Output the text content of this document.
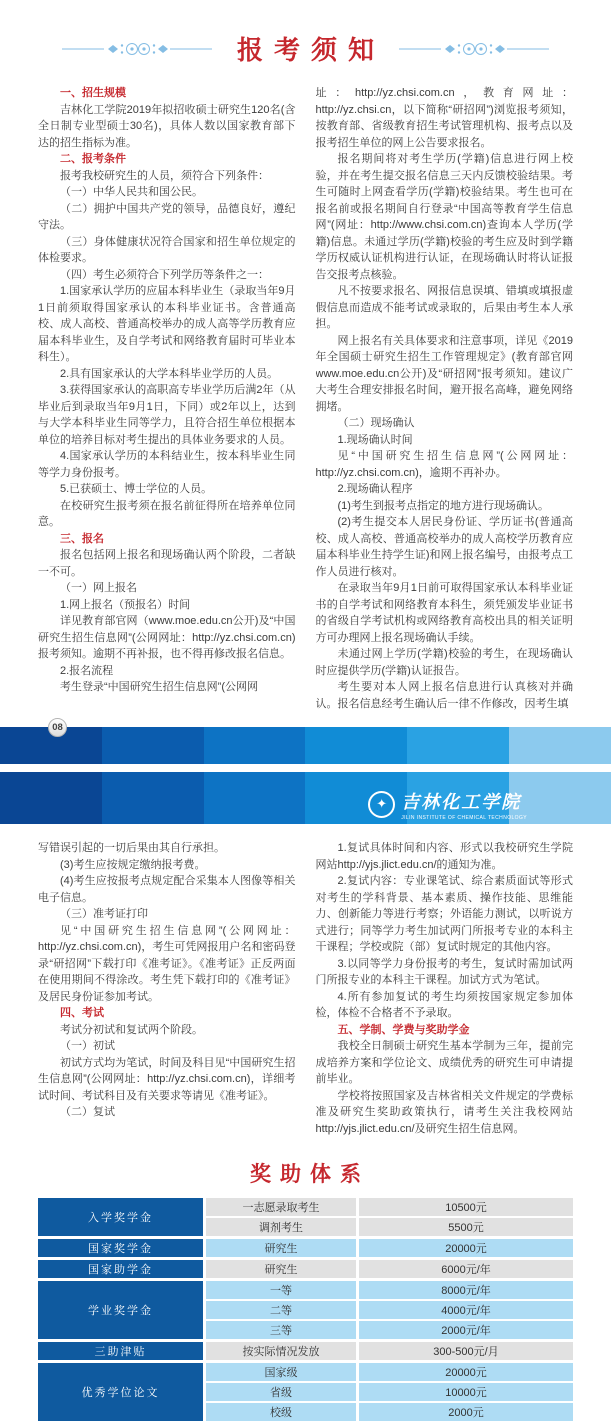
报考须知

一、招生规模

吉林化工学院2019年拟招收硕士研究生120名(含全日制专业型硕士30名)，具体人数以国家教育部下达的招生指标为准。

二、报考条件

报考我校研究生的人员，须符合下列条件：

（一）中华人民共和国公民。

（二）拥护中国共产党的领导，品德良好，遵纪守法。

（三）身体健康状况符合国家和招生单位规定的体检要求。

（四）考生必须符合下列学历等条件之一：

1.国家承认学历的应届本科毕业生（录取当年9月1日前须取得国家承认的本科毕业证书。含普通高校、成人高校、普通高校举办的成人高等学历教育应届本科毕业生，及自学考试和网络教育届时可毕业本科生）。

2.具有国家承认的大学本科毕业学历的人员。

3.获得国家承认的高职高专毕业学历后满2年（从毕业后到录取当年9月1日，下同）或2年以上，达到与大学本科毕业生同等学力，且符合招生单位根据本单位的培养目标对考生提出的具体业务要求的人员。

4.国家承认学历的本科结业生，按本科毕业生同等学力身份报考。

5.已获硕士、博士学位的人员。

在校研究生报考须在报名前征得所在培养单位同意。

三、报名

报名包括网上报名和现场确认两个阶段，二者缺一不可。

（一）网上报名

1.网上报名（预报名）时间

详见教育部官网（www.moe.edu.cn公开)及“中国研究生招生信息网”(公网网址：http://yz.chsi.com.cn)报考须知。逾期不再补报，也不得再修改报名信息。

2.报名流程

考生登录“中国研究生招生信息网”(公网网

址：http://yz.chsi.com.cn，教育网址：http://yz.chsi.cn，以下简称“研招网”)浏览报考须知，按教育部、省级教育招生考试管理机构、报考点以及报考招生单位的网上公告要求报名。

报名期间将对考生学历(学籍)信息进行网上校验，并在考生提交报名信息三天内反馈校验结果。考生可随时上网查看学历(学籍)校验结果。考生也可在报名前或报名期间自行登录“中国高等教育学生信息网”(网址：http://www.chsi.com.cn)查询本人学历(学籍)信息。未通过学历(学籍)校验的考生应及时到学籍学历权威认证机构进行认证，在现场确认时将认证报告交报考点核验。

凡不按要求报名、网报信息误填、错填或填报虚假信息而造成不能考试或录取的，后果由考生本人承担。

网上报名有关具体要求和注意事项，详见《2019年全国硕士研究生招生工作管理规定》(教育部官网 www.moe.edu.cn公开)及“研招网”报考须知。建议广大考生合理安排报名时间，避开报名高峰，避免网络拥堵。

（二）现场确认

1.现场确认时间

见“中国研究生招生信息网”(公网网址：http://yz.chsi.com.cn)，逾期不再补办。

2.现场确认程序

(1)考生到报考点指定的地方进行现场确认。

(2)考生提交本人居民身份证、学历证书(普通高校、成人高校、普通高校举办的成人高校学历教育应届本科毕业生持学生证)和网上报名编号，由报考点工作人员进行核对。

在录取当年9月1日前可取得国家承认本科毕业证书的自学考试和网络教育本科生，须凭颁发毕业证书的省级自学考试机构或网络教育高校出具的相关证明方可办理网上报名现场确认手续。

未通过网上学历(学籍)校验的考生，在现场确认时应提供学历(学籍)认证报告。

考生要对本人网上报名信息进行认真核对并确认。报名信息经考生确认后一律不作修改，因考生填

08
✦ 吉林化工学院
JILIN INSTITUTE OF CHEMICAL TECHNOLOGY

写错误引起的一切后果由其自行承担。

(3)考生应按规定缴纳报考费。

(4)考生应按报考点规定配合采集本人图像等相关电子信息。

（三）准考证打印

见“中国研究生招生信息网”(公网网址：http://yz.chsi.com.cn)，考生可凭网报用户名和密码登录“研招网”下载打印《准考证》。《准考证》正反两面在使用期间不得涂改。考生凭下载打印的《准考证》及居民身份证参加考试。

四、考试

考试分初试和复试两个阶段。

（一）初试

初试方式均为笔试，时间及科目见“中国研究生招生信息网”(公网网址：http://yz.chsi.com.cn)，详细考试时间、考试科目及有关要求等请见《准考证》。

（二）复试

1.复试具体时间和内容、形式以我校研究生学院网站http://yjs.jlict.edu.cn/的通知为准。

2.复试内容：专业课笔试、综合素质面试等形式对考生的学科背景、基本素质、操作技能、思维能力、创新能力等进行考察；外语能力测试，以听说方式进行；同等学力考生加试两门所报考专业的本科主干课程；学校或院（部）复试时规定的其他内容。

3.以同等学力身份报考的考生，复试时需加试两门所报专业的本科主干课程。加试方式为笔试。

4.所有参加复试的考生均须按国家规定参加体检，体检不合格者不予录取。

五、学制、学费与奖助学金

我校全日制硕士研究生基本学制为三年，提前完成培养方案和学位论文、成绩优秀的研究生可申请提前毕业。

学校将按照国家及吉林省相关文件规定的学费标准及研究生奖助政策执行，请考生关注我校网站http://yjs.jlict.edu.cn/及研究生招生信息网。

奖助体系
入学奖学金
一志愿录取考生	10500元
调剂考生	5500元
国家奖学金	研究生	20000元
国家助学金	研究生	6000元/年
学业奖学金
一等	8000元/年
二等	4000元/年
三等	2000元/年
三助津贴	按实际情况发放	300-500元/月
优秀学位论文
国家级	20000元
省级	10000元
校级	2000元
